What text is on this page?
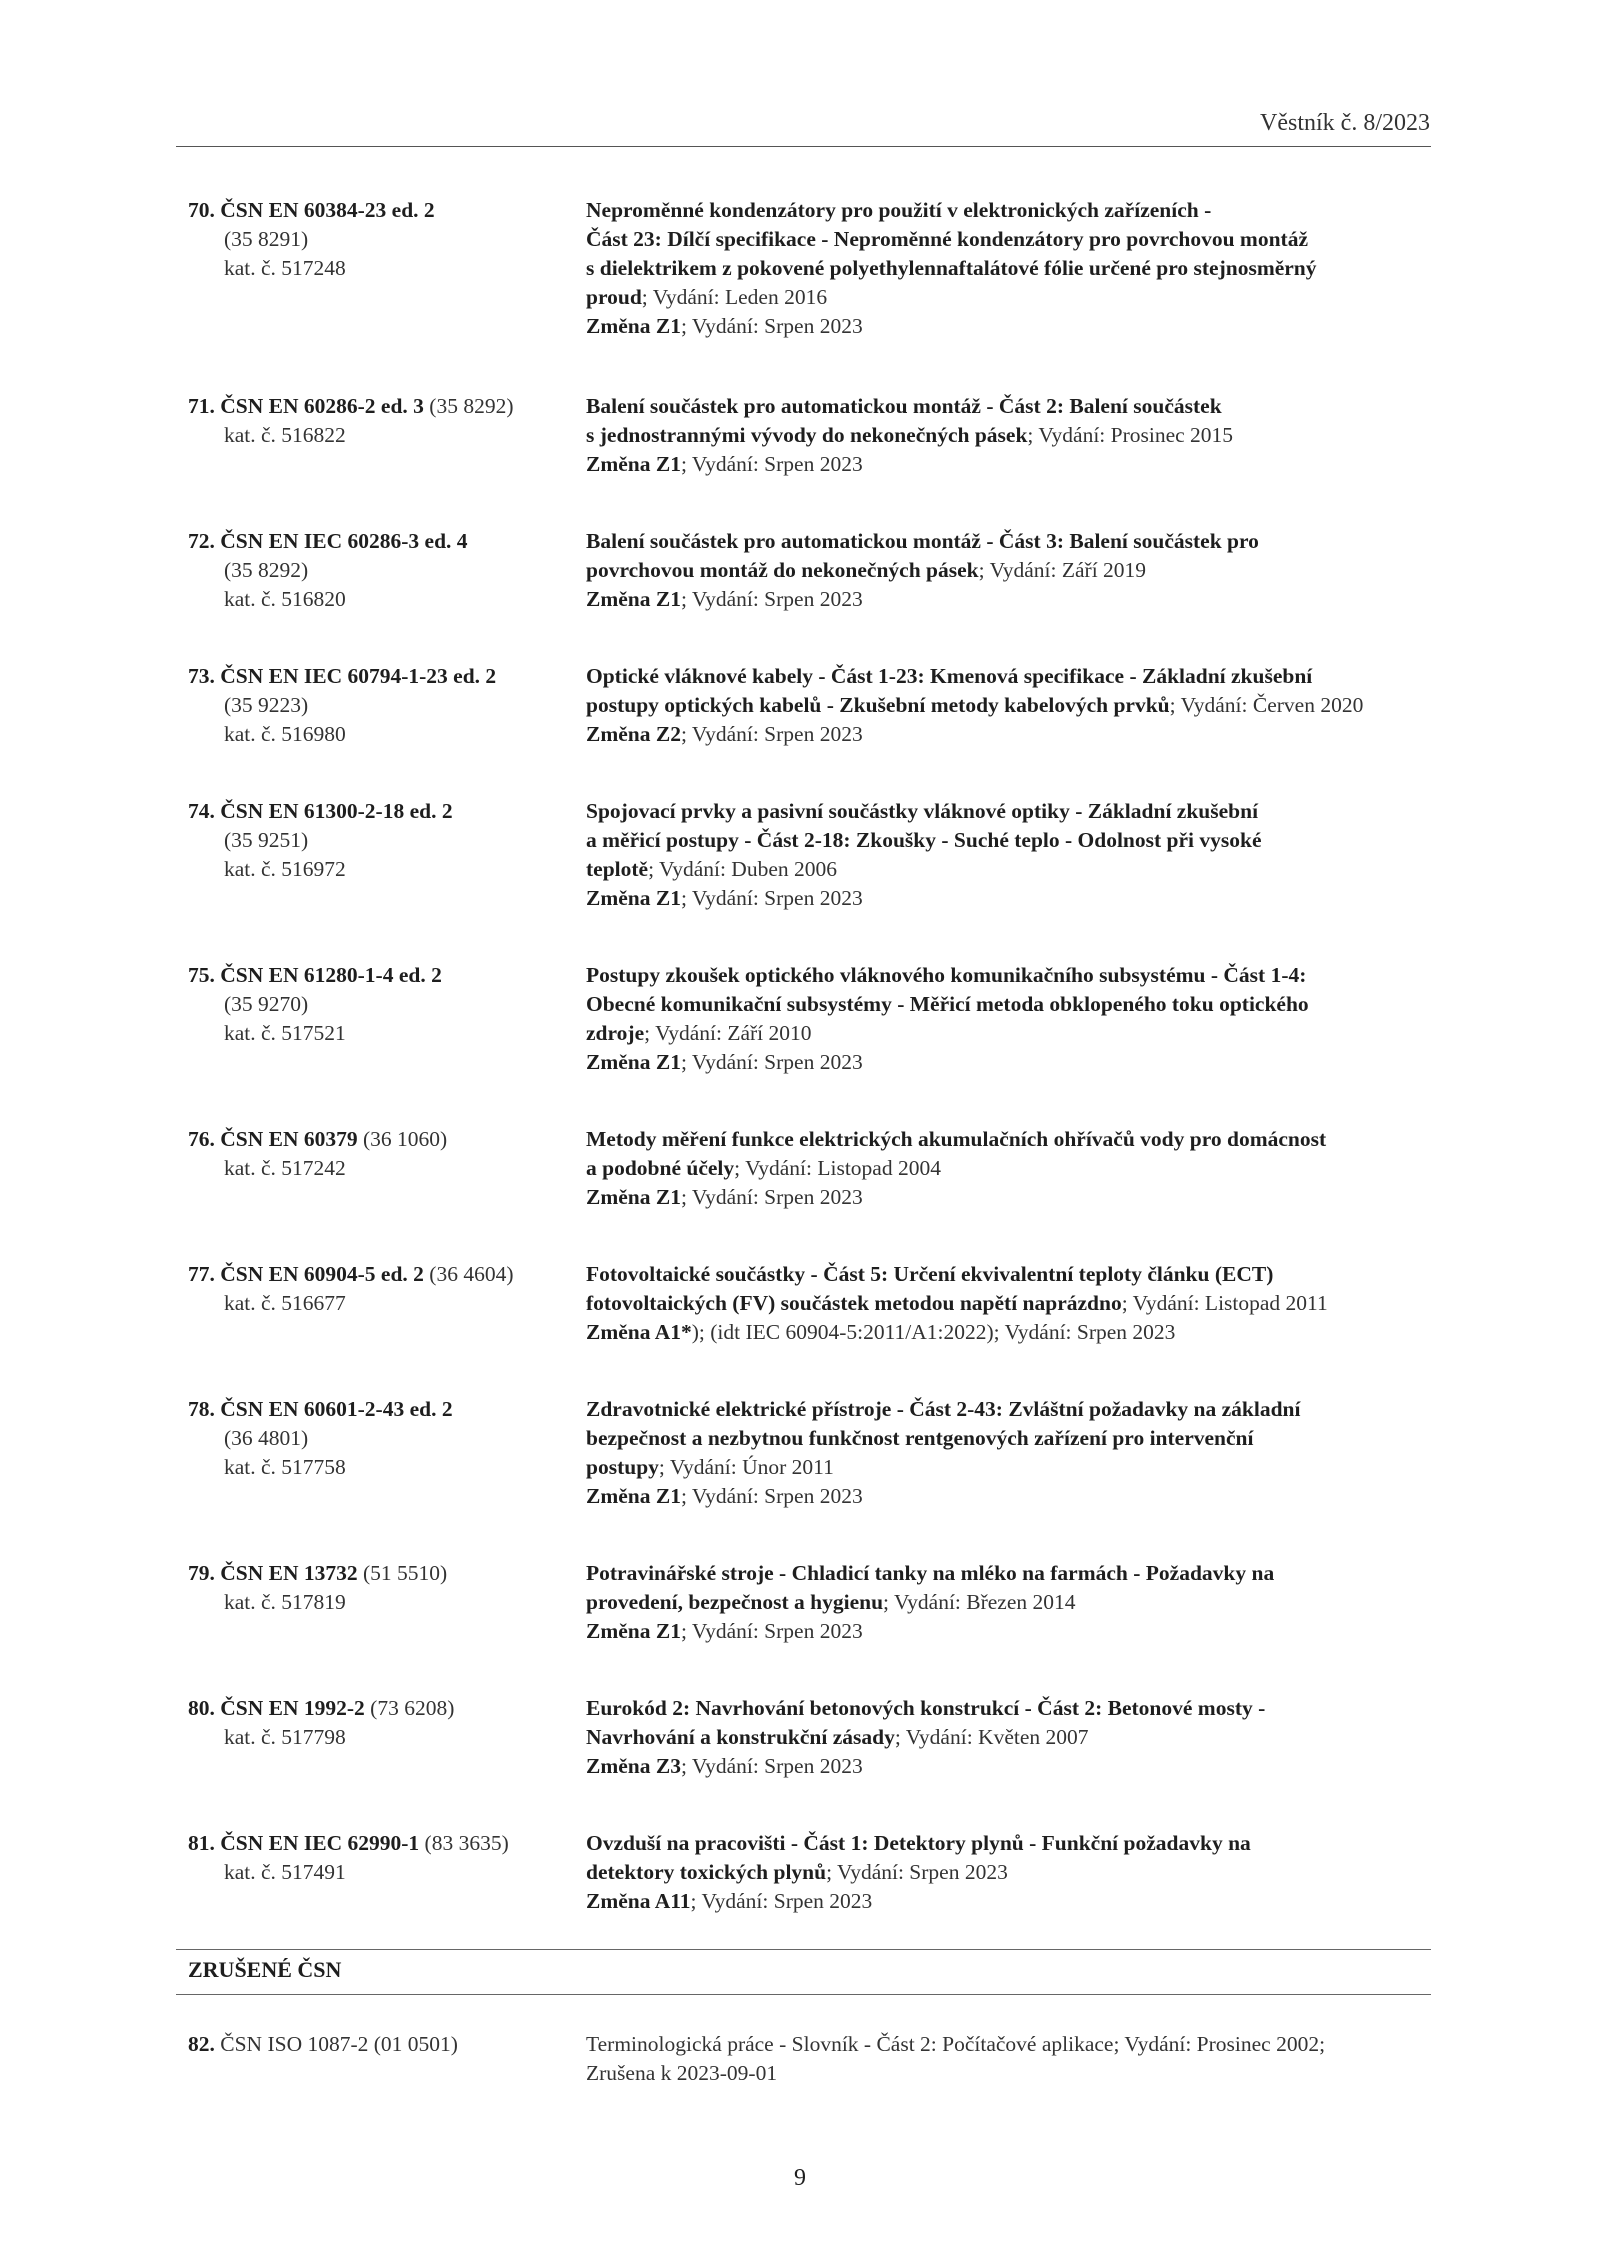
Věstník č. 8/2023
70. ČSN EN 60384-23 ed. 2
(35 8291)
kat. č. 517248
Neproměnné kondenzátory pro použití v elektronických zařízeních -
Část 23: Dílčí specifikace - Neproměnné kondenzátory pro povrchovou montáž
s dielektrikem z pokovené polyethylennaftalátové fólie určené pro stejnosměrný
proud; Vydání: Leden 2016
Změna Z1; Vydání: Srpen 2023
71. ČSN EN 60286-2 ed. 3 (35 8292)
kat. č. 516822
Balení součástek pro automatickou montáž - Část 2: Balení součástek
s jednostrannými vývody do nekonečných pásek; Vydání: Prosinec 2015
Změna Z1; Vydání: Srpen 2023
72. ČSN EN IEC 60286-3 ed. 4
(35 8292)
kat. č. 516820
Balení součástek pro automatickou montáž - Část 3: Balení součástek pro
povrchovou montáž do nekonečných pásek; Vydání: Září 2019
Změna Z1; Vydání: Srpen 2023
73. ČSN EN IEC 60794-1-23 ed. 2
(35 9223)
kat. č. 516980
Optické vláknové kabely - Část 1-23: Kmenová specifikace - Základní zkušební
postupy optických kabelů - Zkušební metody kabelových prvků; Vydání: Červen 2020
Změna Z2; Vydání: Srpen 2023
74. ČSN EN 61300-2-18 ed. 2
(35 9251)
kat. č. 516972
Spojovací prvky a pasivní součástky vláknové optiky - Základní zkušební
a měřicí postupy - Část 2-18: Zkoušky - Suché teplo - Odolnost při vysoké
teplotě; Vydání: Duben 2006
Změna Z1; Vydání: Srpen 2023
75. ČSN EN 61280-1-4 ed. 2
(35 9270)
kat. č. 517521
Postupy zkoušek optického vláknového komunikačního subsystému - Část 1-4:
Obecné komunikační subsystémy - Měřicí metoda obklopeného toku optického
zdroje; Vydání: Září 2010
Změna Z1; Vydání: Srpen 2023
76. ČSN EN 60379 (36 1060)
kat. č. 517242
Metody měření funkce elektrických akumulačních ohřívačů vody pro domácnost
a podobné účely; Vydání: Listopad 2004
Změna Z1; Vydání: Srpen 2023
77. ČSN EN 60904-5 ed. 2 (36 4604)
kat. č. 516677
Fotovoltaické součástky - Část 5: Určení ekvivalentní teploty článku (ECT)
fotovoltaických (FV) součástek metodou napětí naprázdno; Vydání: Listopad 2011
Změna A1*); (idt IEC 60904-5:2011/A1:2022); Vydání: Srpen 2023
78. ČSN EN 60601-2-43 ed. 2
(36 4801)
kat. č. 517758
Zdravotnické elektrické přístroje - Část 2-43: Zvláštní požadavky na základní
bezpečnost a nezbytnou funkčnost rentgenových zařízení pro intervenční
postupy; Vydání: Únor 2011
Změna Z1; Vydání: Srpen 2023
79. ČSN EN 13732 (51 5510)
kat. č. 517819
Potravinářské stroje - Chladicí tanky na mléko na farmách - Požadavky na
provedení, bezpečnost a hygienu; Vydání: Březen 2014
Změna Z1; Vydání: Srpen 2023
80. ČSN EN 1992-2 (73 6208)
kat. č. 517798
Eurokód 2: Navrhování betonových konstrukcí - Část 2: Betonové mosty -
Navrhování a konstrukční zásady; Vydání: Květen 2007
Změna Z3; Vydání: Srpen 2023
81. ČSN EN IEC 62990-1 (83 3635)
kat. č. 517491
Ovzduší na pracovišti - Část 1: Detektory plynů - Funkční požadavky na
detektory toxických plynů; Vydání: Srpen 2023
Změna A11; Vydání: Srpen 2023
ZRUŠENÉ ČSN
82. ČSN ISO 1087-2 (01 0501)	Terminologická práce - Slovník - Část 2: Počítačové aplikace; Vydání: Prosinec 2002;
Zrušena k 2023-09-01
9
